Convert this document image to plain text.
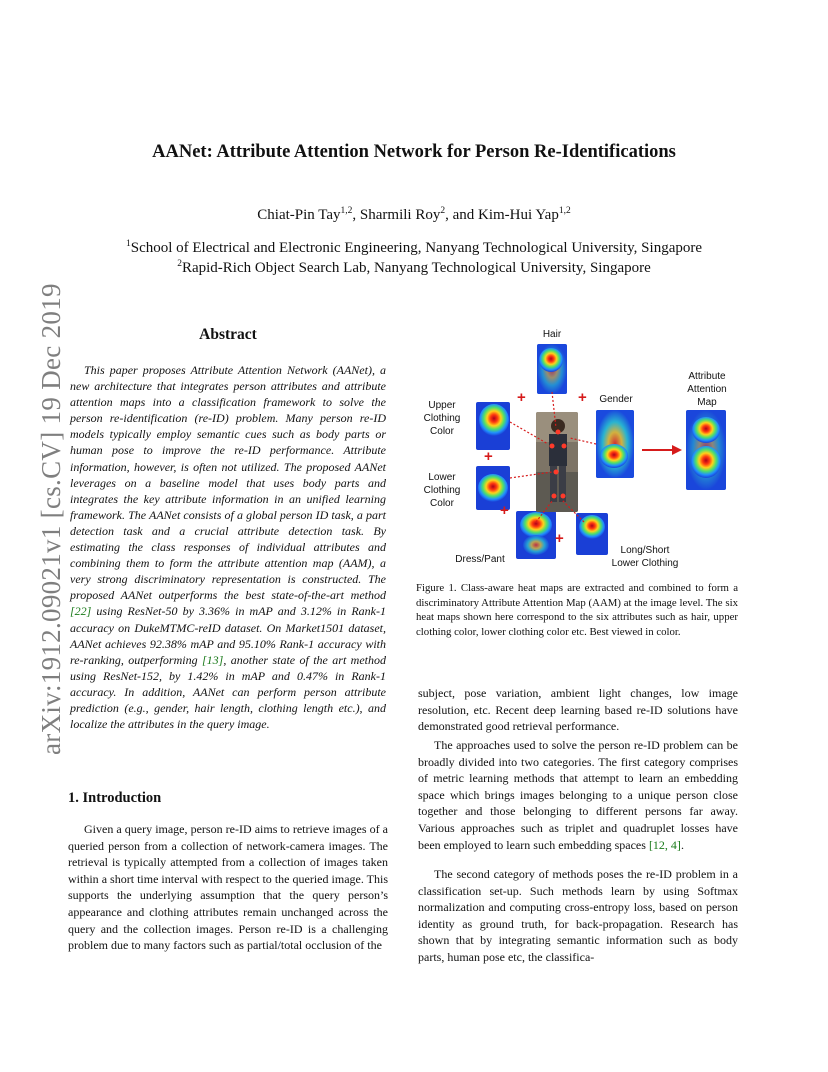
arXiv:1912.09021v1 [cs.CV] 19 Dec 2019
AANet: Attribute Attention Network for Person Re-Identifications
Chiat-Pin Tay$^{1,2}$, Sharmili Roy$^2$, and Kim-Hui Yap$^{1,2}$
$^1$School of Electrical and Electronic Engineering, Nanyang Technological University, Singapore
$^2$Rapid-Rich Object Search Lab, Nanyang Technological University, Singapore
Abstract

This paper proposes Attribute Attention Network (AANet), a new architecture that integrates person attributes and attribute attention maps into a classification framework to solve the person re-identification (re-ID) problem. Many person re-ID models typically employ semantic cues such as body parts or human pose to improve the re-ID performance. Attribute information, however, is often not utilized. The proposed AANet leverages on a baseline model that uses body parts and integrates the key attribute information in an unified learning framework. The AANet consists of a global person ID task, a part detection task and a crucial attribute detection task. By estimating the class responses of individual attributes and combining them to form the attribute attention map (AAM), a very strong discriminatory representation is constructed. The proposed AANet outperforms the best state-of-the-art method [22] using ResNet-50 by 3.36% in mAP and 3.12% in Rank-1 accuracy on DukeMTMC-reID dataset. On Market1501 dataset, AANet achieves 92.38% mAP and 95.10% Rank-1 accuracy with re-ranking, outperforming [13], another state of the art method using ResNet-152, by 1.42% in mAP and 0.47% in Rank-1 accuracy. In addition, AANet can perform person attribute prediction (e.g., gender, hair length, clothing length etc.), and localize the attributes in the query image.

1. Introduction

Given a query image, person re-ID aims to retrieve images of a queried person from a collection of network-camera images. The retrieval is typically attempted from a collection of images taken within a short time interval with respect to the queried image. This supports the underlying assumption that the query person’s appearance and clothing attributes remain unchanged across the query and the collection images. Person re-ID is a challenging problem due to many factors such as partial/total occlusion of the

Hair
Gender
Upper
Clothing
Color
Lower
Clothing
Color
Dress/Pant
Long/Short
Lower Clothing
Attribute
Attention
Map
+	+
+
+
+

Figure 1. Class-aware heat maps are extracted and combined to form a discriminatory Attribute Attention Map (AAM) at the image level. The six heat maps shown here correspond to the six attributes such as hair, upper clothing color, lower clothing color etc. Best viewed in color.

subject, pose variation, ambient light changes, low image resolution, etc. Recent deep learning based re-ID solutions have demonstrated good retrieval performance.

The approaches used to solve the person re-ID problem can be broadly divided into two categories. The first category comprises of metric learning methods that attempt to learn an embedding space which brings images belonging to a unique person close together and those belonging to different persons far away. Various approaches such as triplet and quadruplet losses have been employed to learn such embedding spaces [12, 4].

The second category of methods poses the re-ID problem in a classification set-up. Such methods learn by using Softmax normalization and computing cross-entropy loss, based on person identity as ground truth, for back-propagation. Research has shown that by integrating semantic information such as body parts, human pose etc, the classifica-
